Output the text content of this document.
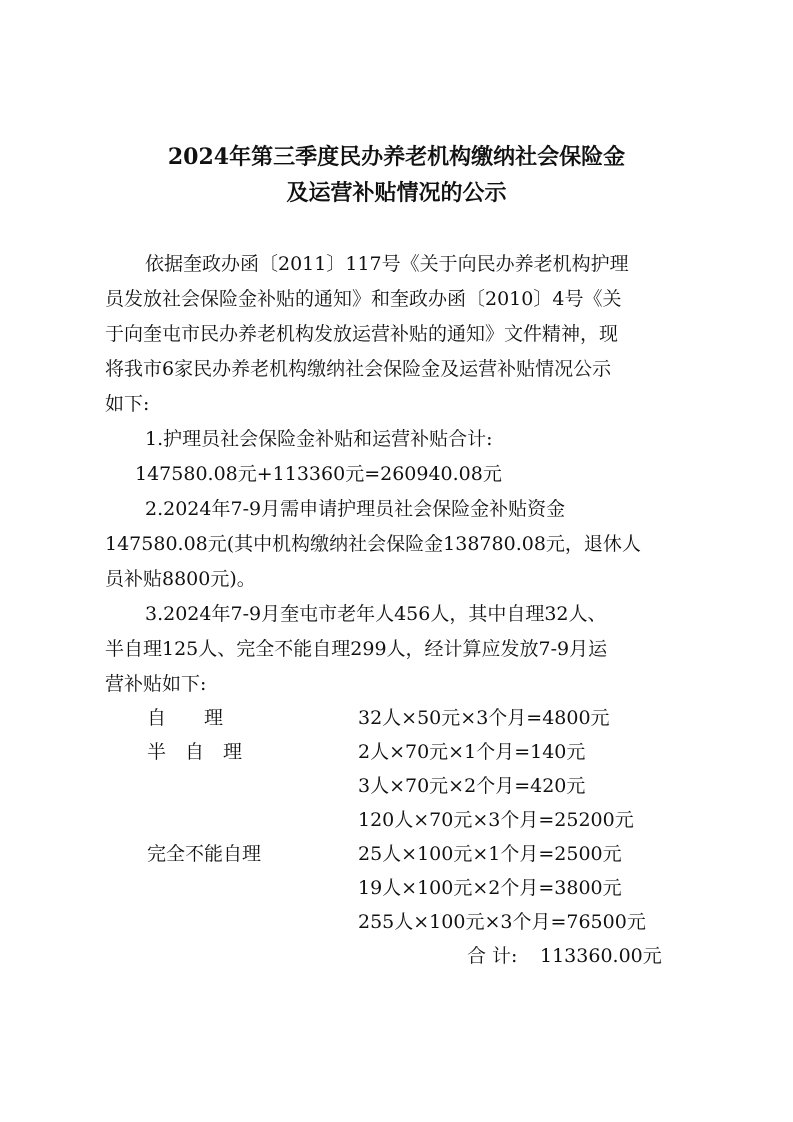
2024年第三季度民办养老机构缴纳社会保险金
及运营补贴情况的公示
依据奎政办函〔2011〕117号《关于向民办养老机构护理
员发放社会保险金补贴的通知》和奎政办函〔2010〕4号《关
于向奎屯市民办养老机构发放运营补贴的通知》文件精神，现
将我市6家民办养老机构缴纳社会保险金及运营补贴情况公示
如下:
1.护理员社会保险金补贴和运营补贴合计:
147580.08元+113360元=260940.08元
2.2024年7-9月需申请护理员社会保险金补贴资金
147580.08元(其中机构缴纳社会保险金138780.08元，退休人
员补贴8800元)。
3.2024年7-9月奎屯市老年人456人，其中自理32人、
半自理125人、完全不能自理299人，经计算应发放7-9月运
营补贴如下:
自　　理	32人×50元×3个月=4800元
半　自　理	2人×70元×1个月=140元
3人×70元×2个月=420元
120人×70元×3个月=25200元
完全不能自理	25人×100元×1个月=2500元
19人×100元×2个月=3800元
255人×100元×3个月=76500元
合 计: 113360.00元
